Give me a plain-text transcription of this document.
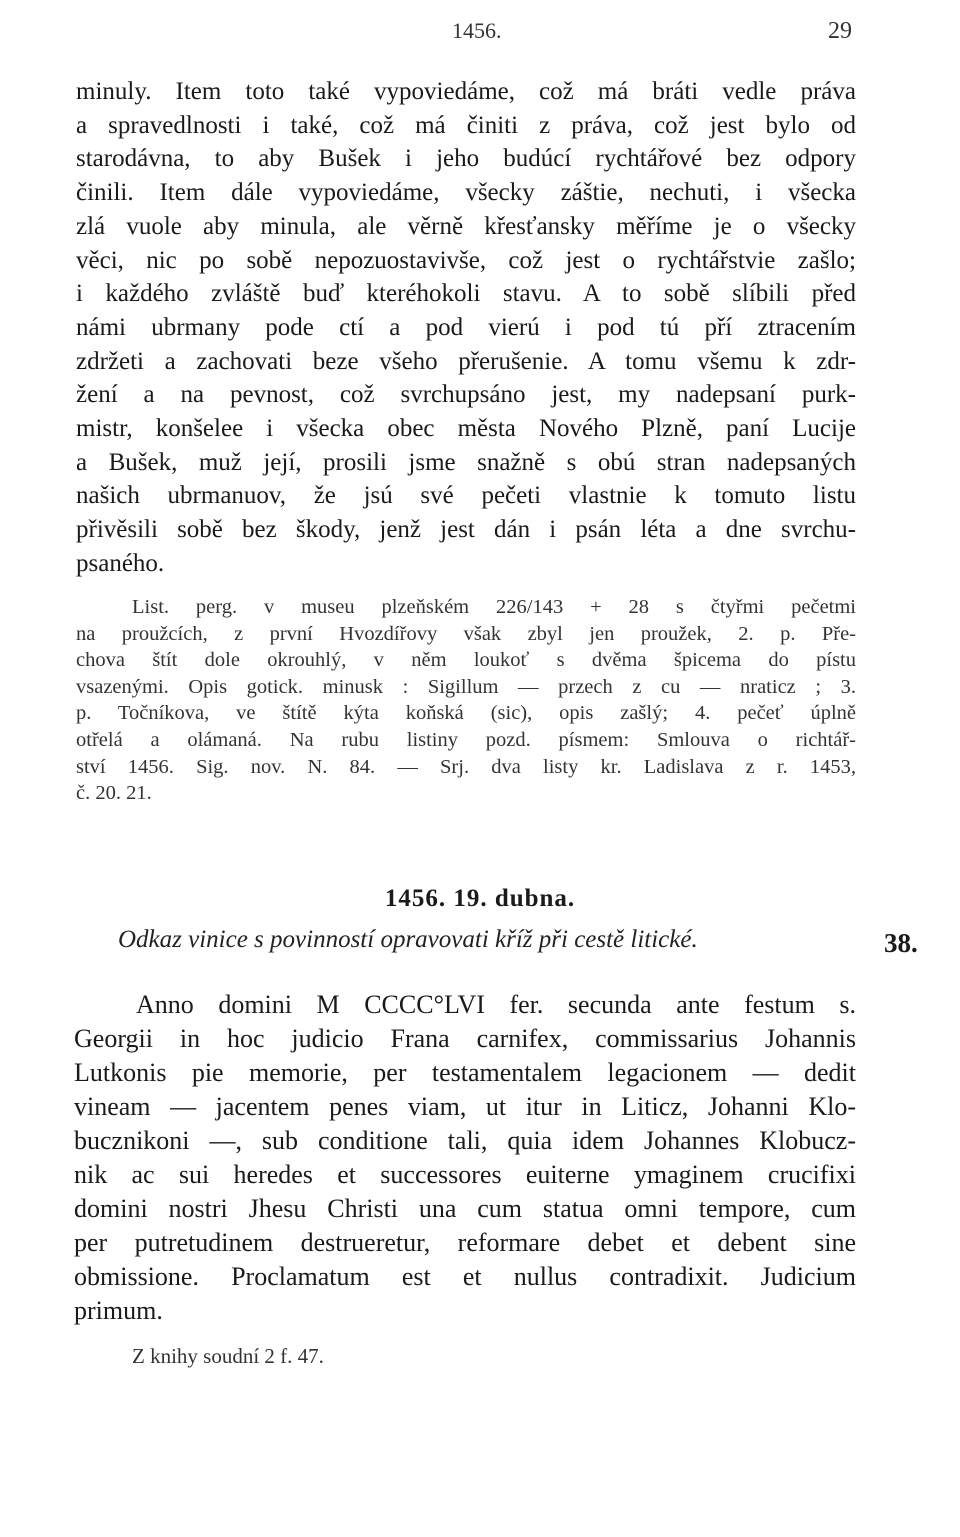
1456.	29
minuly. Item toto také vypoviedáme, což má bráti vedle práva
a spravedlnosti i také, což má činiti z práva, což jest bylo od
starodávna, to aby Bušek i jeho budúcí rychtářové bez odpory
činili. Item dále vypoviedáme, všecky záštie, nechuti, i všecka
zlá vuole aby minula, ale věrně křesťansky měříme je o všecky
věci, nic po sobě nepozuostavivše, což jest o rychtářstvie zašlo;
i každého zvláště buď kteréhokoli stavu. A to sobě slíbili před
námi ubrmany pode ctí a pod vierú i pod tú pří ztracením
zdržeti a zachovati beze všeho přerušenie. A tomu všemu k zdr-
žení a na pevnost, což svrchupsáno jest, my nadepsaní purk-
mistr, konšelee i všecka obec města Nového Plzně, paní Lucije
a Bušek, muž její, prosili jsme snažně s obú stran nadepsaných
našich ubrmanuov, že jsú své pečeti vlastnie k tomuto listu
přivěsili sobě bez škody, jenž jest dán i psán léta a dne svrchu-
psaného.
List. perg. v museu plzeňském 226/143 + 28 s čtyřmi pečetmi
na proužcích, z první Hvozdířovy však zbyl jen proužek, 2. p. Pře-
chova štít dole okrouhlý, v něm loukoť s dvěma špicema do pístu
vsazenými. Opis gotick. minusk : Sigillum — przech z cu — nraticz ; 3.
p. Točníkova, ve štítě kýta koňská (sic), opis zašlý; 4. pečeť úplně
otřelá a olámaná. Na rubu listiny pozd. písmem: Smlouva o richtář-
ství 1456. Sig. nov. N. 84. — Srj. dva listy kr. Ladislava z r. 1453,
č. 20. 21.
1456. 19. dubna.
Odkaz vinice s povinností opravovati kříž při cestě litické.	38.
Anno domini M CCCC°LVI fer. secunda ante festum s.
Georgii in hoc judicio Frana carnifex, commissarius Johannis
Lutkonis pie memorie, per testamentalem legacionem — dedit
vineam — jacentem penes viam, ut itur in Liticz, Johanni Klo-
bucznikoni —, sub conditione tali, quia idem Johannes Klobucz-
nik ac sui heredes et successores euiterne ymaginem crucifixi
domini nostri Jhesu Christi una cum statua omni tempore, cum
per putretudinem destrueretur, reformare debet et debent sine
obmissione. Proclamatum est et nullus contradixit. Judicium
primum.
Z knihy soudní 2 f. 47.
